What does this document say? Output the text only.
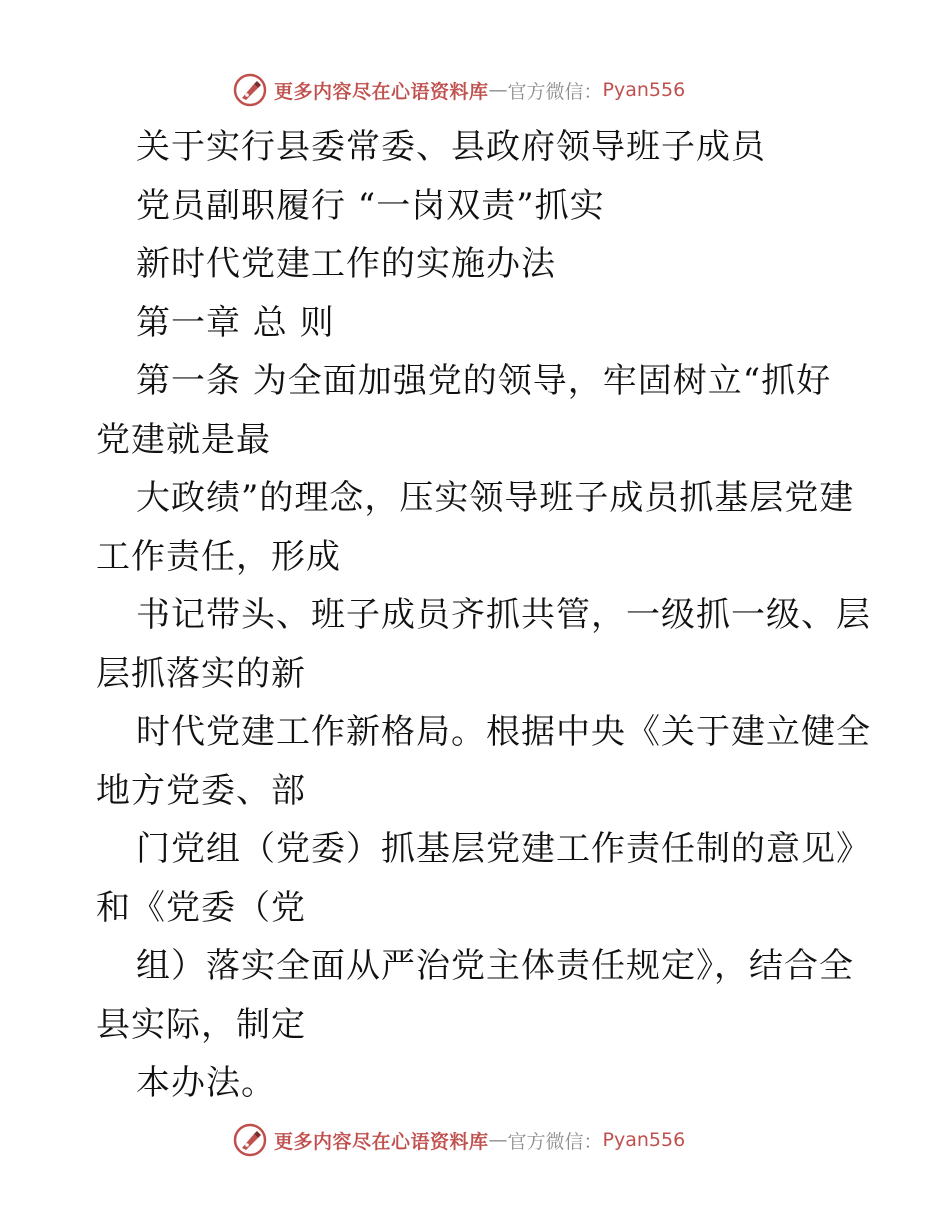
更多内容尽在心语资料库 — 官方微信： Pyan556
关于实行县委常委、县政府领导班子成员
党员副职履行 “一岗双责”抓实
新时代党建工作的实施办法
第一章 总 则
第一条 为全面加强党的领导，牢固树立“抓好
党建就是最
大政绩”的理念，压实领导班子成员抓基层党建
工作责任，形成
书记带头、班子成员齐抓共管，一级抓一级、层
层抓落实的新
时代党建工作新格局。根据中央《关于建立健全
地方党委、部
门党组（党委）抓基层党建工作责任制的意见》
和《党委（党
组）落实全面从严治党主体责任规定》，结合全
县实际，制定
本办法。
更多内容尽在心语资料库 — 官方微信： Pyan556
